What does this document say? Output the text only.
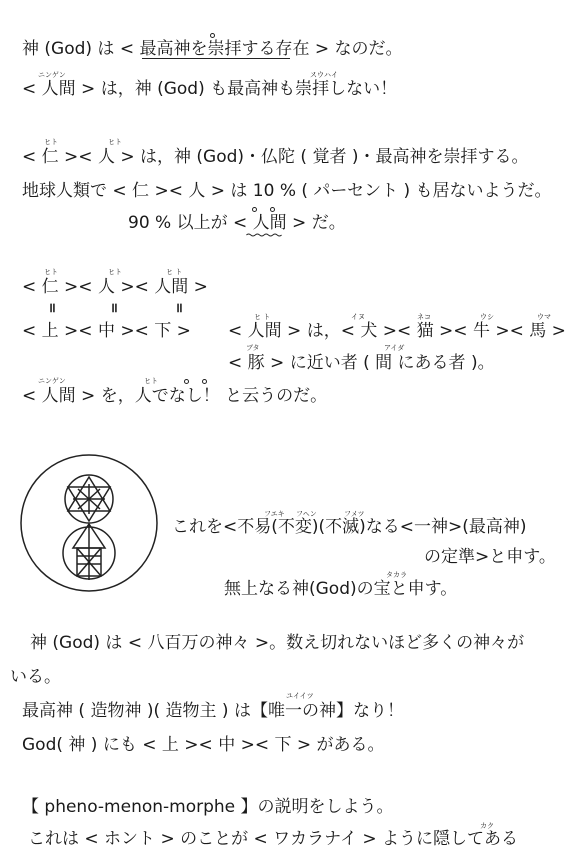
神 (God) は < 最高神を崇拝する存在 > なのだ。
ニンゲン	スウハイ
< 人間 > は，神 (God) も最高神も崇拝しない！
ヒト	ヒト
< 仁 >< 人 > は，神 (God)・仏陀 ( 覚者 )・最高神を崇拝する。
地球人類で < 仁 >< 人 > は 10 % ( パーセント ) も居ないようだ。
90 % 以上が < 人間 > だ。
ヒト	ヒト	ヒ ト
< 仁 >< 人 >< 人間 >
॥	॥	॥
ヒ ト	イヌ	ネコ	ウシ	ウマ
< 上 >< 中 >< 下 > < 人間 > は，< 犬 >< 猫 >< 牛 >< 馬 >
ブタ	アイダ
< 豚 > に近い者 ( 間 にある者 )。
ニンゲン	ヒト
< 人間 > を，人でなし！ と云うのだ。
フエキ フヘン	フメツ
これを<不易(不変)(不滅)なる<一神>(最高神)
の定準>と申す。
タカラ
無上なる神(God)の宝と申す。
神 (God) は < 八百万の神々 >。数え切れないほど多くの神々が
いる。
ユイイツ
最高神 ( 造物神 )( 造物主 ) は【唯一の神】なり！
God( 神 ) にも < 上 >< 中 >< 下 > がある。
【 pheno-menon-morphe 】の説明をしよう。
カク
これは < ホント > のことが < ワカラナイ > ように隠してある
